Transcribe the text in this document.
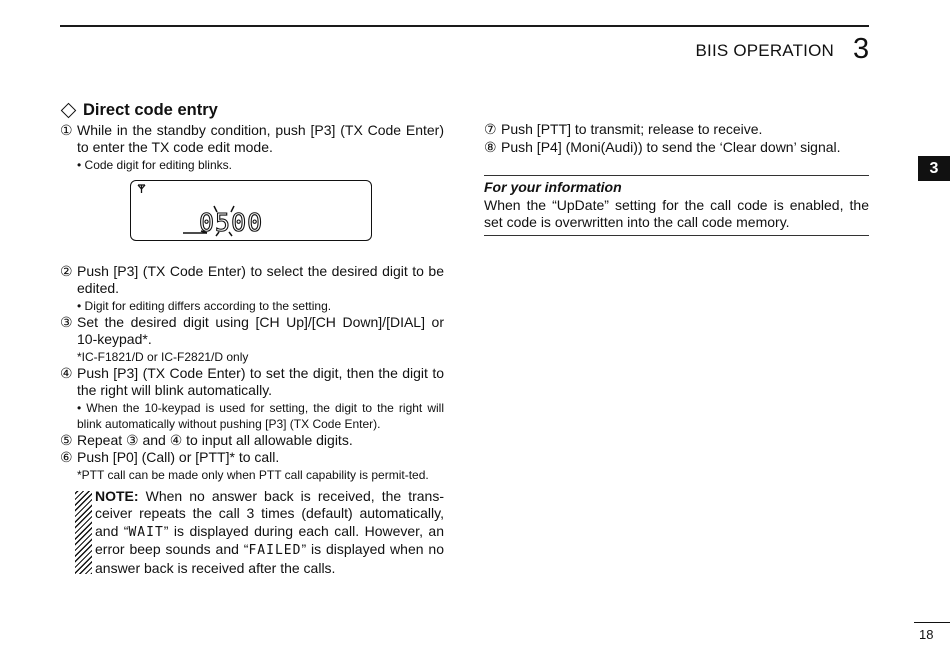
BIIS OPERATION 3
3
Direct code entry
① While in the standby condition, push [P3] (TX Code Enter) to enter the TX code edit mode.
• Code digit for editing blinks.
0500
② Push [P3] (TX Code Enter) to select the desired digit to be edited.
• Digit for editing differs according to the setting.
③ Set the desired digit using [CH Up]/[CH Down]/[DIAL] or 10-keypad*.
*IC-F1821/D or IC-F2821/D only
④ Push [P3] (TX Code Enter) to set the digit, then the digit to the right will blink automatically.
• When the 10-keypad is used for setting, the digit to the right will blink automatically without pushing [P3] (TX Code Enter).
⑤ Repeat ③ and ④ to input all allowable digits.
⑥ Push [P0] (Call) or [PTT]* to call.
*PTT call can be made only when PTT call capability is permit-ted.
NOTE: When no answer back is received, the trans-ceiver repeats the call 3 times (default) automatically, and “WAIT” is displayed during each call. However, an error beep sounds and “FAILED” is displayed when no answer back is received after the calls.
⑦ Push [PTT] to transmit; release to receive.
⑧ Push [P4] (Moni(Audi)) to send the ‘Clear down’ signal.
For your information
When the “UpDate” setting for the call code is enabled, the set code is overwritten into the call code memory.
18
